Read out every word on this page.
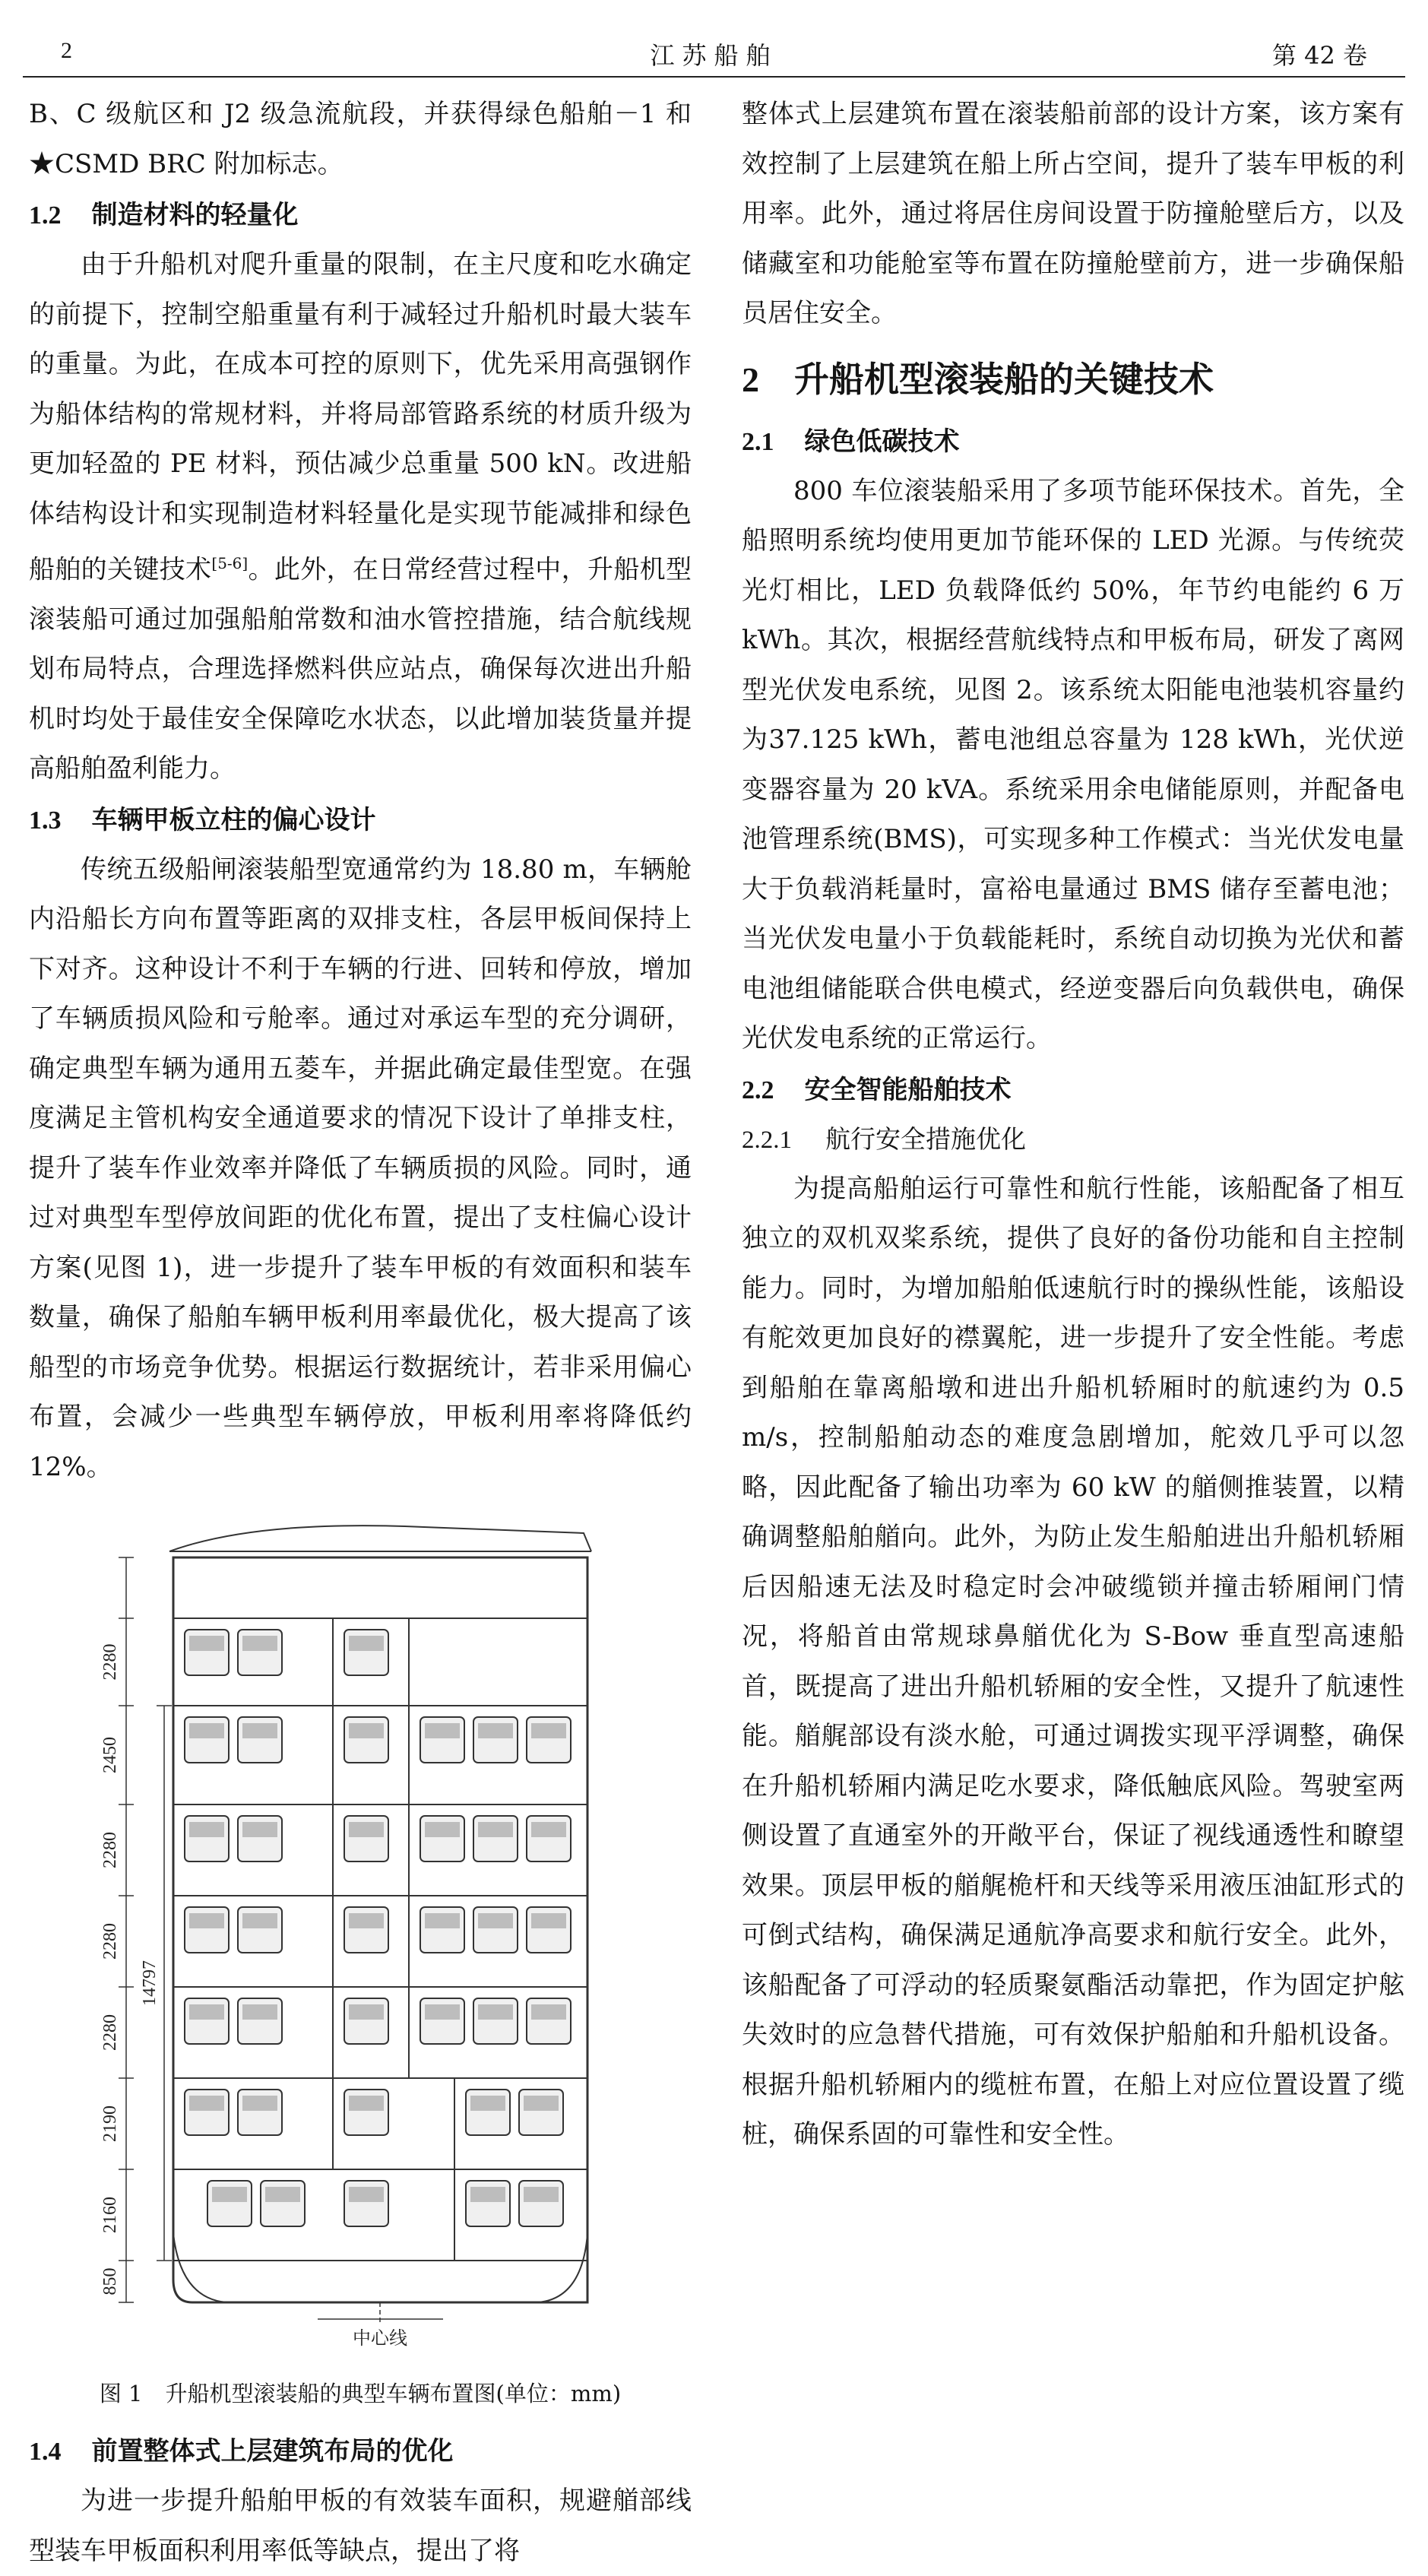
2	江苏船舶	第 42 卷

B、C 级航区和 J2 级急流航段，并获得绿色船舶－1 和★CSMD BRC 附加标志。

1.2 制造材料的轻量化

由于升船机对爬升重量的限制，在主尺度和吃水确定的前提下，控制空船重量有利于减轻过升船机时最大装车的重量。为此，在成本可控的原则下，优先采用高强钢作为船体结构的常规材料，并将局部管路系统的材质升级为更加轻盈的 PE 材料，预估减少总重量 500 kN。改进船体结构设计和实现制造材料轻量化是实现节能减排和绿色船舶的关键技术[5-6]。此外，在日常经营过程中，升船机型滚装船可通过加强船舶常数和油水管控措施，结合航线规划布局特点，合理选择燃料供应站点，确保每次进出升船机时均处于最佳安全保障吃水状态，以此增加装货量并提高船舶盈利能力。

1.3 车辆甲板立柱的偏心设计

传统五级船闸滚装船型宽通常约为 18.80 m，车辆舱内沿船长方向布置等距离的双排支柱，各层甲板间保持上下对齐。这种设计不利于车辆的行进、回转和停放，增加了车辆质损风险和亏舱率。通过对承运车型的充分调研，确定典型车辆为通用五菱车，并据此确定最佳型宽。在强度满足主管机构安全通道要求的情况下设计了单排支柱，提升了装车作业效率并降低了车辆质损的风险。同时，通过对典型车型停放间距的优化布置，提出了支柱偏心设计方案(见图 1)，进一步提升了装车甲板的有效面积和装车数量，确保了船舶车辆甲板利用率最优化，极大提高了该船型的市场竞争优势。根据运行数据统计，若非采用偏心布置，会减少一些典型车辆停放，甲板利用率将降低约 12%。

2280
2450
2280
2280
2280
2190
2160
850
14797
中心线
图 1 升船机型滚装船的典型车辆布置图(单位：mm)
1.4 前置整体式上层建筑布局的优化

为进一步提升船舶甲板的有效装车面积，规避艏部线型装车甲板面积利用率低等缺点，提出了将

整体式上层建筑布置在滚装船前部的设计方案，该方案有效控制了上层建筑在船上所占空间，提升了装车甲板的利用率。此外，通过将居住房间设置于防撞舱壁后方，以及储藏室和功能舱室等布置在防撞舱壁前方，进一步确保船员居住安全。

2 升船机型滚装船的关键技术
2.1 绿色低碳技术

800 车位滚装船采用了多项节能环保技术。首先，全船照明系统均使用更加节能环保的 LED 光源。与传统荧光灯相比，LED 负载降低约 50%，年节约电能约 6 万 kWh。其次，根据经营航线特点和甲板布局，研发了离网型光伏发电系统，见图 2。该系统太阳能电池装机容量约为37.125 kWh，蓄电池组总容量为 128 kWh，光伏逆变器容量为 20 kVA。系统采用余电储能原则，并配备电池管理系统(BMS)，可实现多种工作模式：当光伏发电量大于负载消耗量时，富裕电量通过 BMS 储存至蓄电池；当光伏发电量小于负载能耗时，系统自动切换为光伏和蓄电池组储能联合供电模式，经逆变器后向负载供电，确保光伏发电系统的正常运行。

2.2 安全智能船舶技术
2.2.1 航行安全措施优化

为提高船舶运行可靠性和航行性能，该船配备了相互独立的双机双桨系统，提供了良好的备份功能和自主控制能力。同时，为增加船舶低速航行时的操纵性能，该船设有舵效更加良好的襟翼舵，进一步提升了安全性能。考虑到船舶在靠离船墩和进出升船机轿厢时的航速约为 0.5 m/s，控制船舶动态的难度急剧增加，舵效几乎可以忽略，因此配备了输出功率为 60 kW 的艏侧推装置，以精确调整船舶艏向。此外，为防止发生船舶进出升船机轿厢后因船速无法及时稳定时会冲破缆锁并撞击轿厢闸门情况，将船首由常规球鼻艏优化为 S-Bow 垂直型高速船首，既提高了进出升船机轿厢的安全性，又提升了航速性能。艏艉部设有淡水舱，可通过调拨实现平浮调整，确保在升船机轿厢内满足吃水要求，降低触底风险。驾驶室两侧设置了直通室外的开敞平台，保证了视线通透性和瞭望效果。顶层甲板的艏艉桅杆和天线等采用液压油缸形式的可倒式结构，确保满足通航净高要求和航行安全。此外，该船配备了可浮动的轻质聚氨酯活动靠把，作为固定护舷失效时的应急替代措施，可有效保护船舶和升船机设备。根据升船机轿厢内的缆桩布置，在船上对应位置设置了缆桩，确保系固的可靠性和安全性。
